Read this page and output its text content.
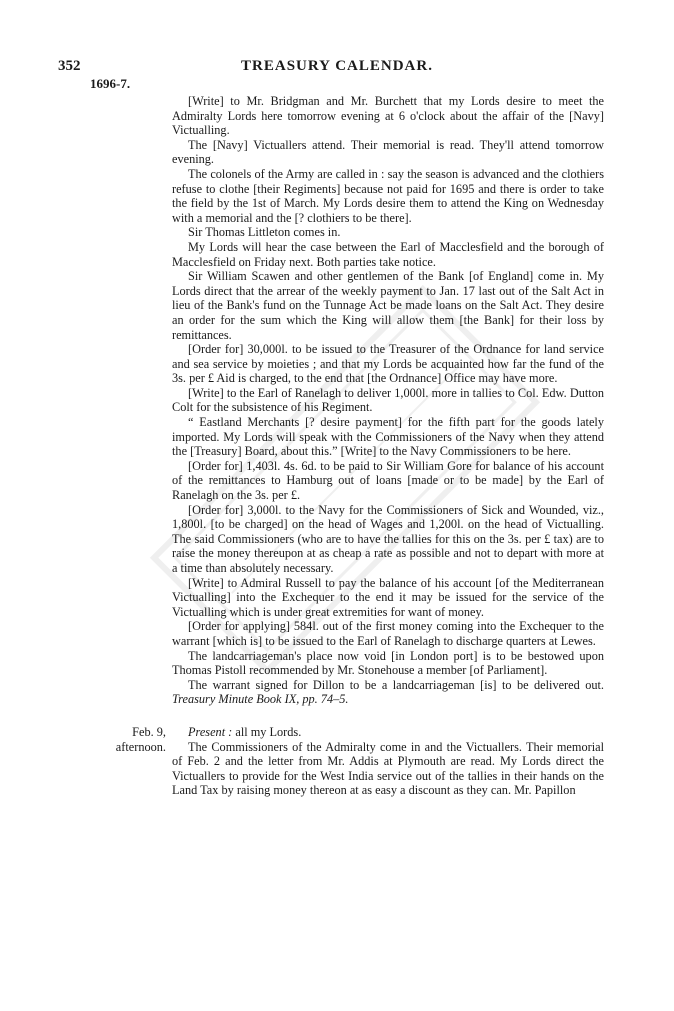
352	TREASURY CALENDAR.
1696-7.

[Write] to Mr. Bridgman and Mr. Burchett that my Lords desire to meet the Admiralty Lords here tomorrow evening at 6 o'clock about the affair of the [Navy] Victualling.

The [Navy] Victuallers attend. Their memorial is read. They'll attend tomorrow evening.

The colonels of the Army are called in : say the season is advanced and the clothiers refuse to clothe [their Regiments] because not paid for 1695 and there is order to take the field by the 1st of March. My Lords desire them to attend the King on Wednesday with a memorial and the [? clothiers to be there].

Sir Thomas Littleton comes in.

My Lords will hear the case between the Earl of Macclesfield and the borough of Macclesfield on Friday next. Both parties take notice.

Sir William Scawen and other gentlemen of the Bank [of England] come in. My Lords direct that the arrear of the weekly payment to Jan. 17 last out of the Salt Act in lieu of the Bank's fund on the Tunnage Act be made loans on the Salt Act. They desire an order for the sum which the King will allow them [the Bank] for their loss by remittances.

[Order for] 30,000l. to be issued to the Treasurer of the Ordnance for land service and sea service by moieties ; and that my Lords be acquainted how far the fund of the 3s. per £ Aid is charged, to the end that [the Ordnance] Office may have more.

[Write] to the Earl of Ranelagh to deliver 1,000l. more in tallies to Col. Edw. Dutton Colt for the subsistence of his Regiment.

“ Eastland Merchants [? desire payment] for the fifth part for the goods lately imported. My Lords will speak with the Commissioners of the Navy when they attend the [Treasury] Board, about this.” [Write] to the Navy Commissioners to be here.

[Order for] 1,403l. 4s. 6d. to be paid to Sir William Gore for balance of his account of the remittances to Hamburg out of loans [made or to be made] by the Earl of Ranelagh on the 3s. per £.

[Order for] 3,000l. to the Navy for the Commissioners of Sick and Wounded, viz., 1,800l. [to be charged] on the head of Wages and 1,200l. on the head of Victualling. The said Commissioners (who are to have the tallies for this on the 3s. per £ tax) are to raise the money thereupon at as cheap a rate as possible and not to depart with more at a time than absolutely necessary.

[Write] to Admiral Russell to pay the balance of his account [of the Mediterranean Victualling] into the Exchequer to the end it may be issued for the service of the Victualling which is under great extremities for want of money.

[Order for applying] 584l. out of the first money coming into the Exchequer to the warrant [which is] to be issued to the Earl of Ranelagh to discharge quarters at Lewes.

The landcarriageman's place now void [in London port] is to be bestowed upon Thomas Pistoll recommended by Mr. Stonehouse a member [of Parliament].

The warrant signed for Dillon to be a landcarriageman [is] to be delivered out. Treasury Minute Book IX, pp. 74–5.

Present : all my Lords.

The Commissioners of the Admiralty come in and the Victuallers. Their memorial of Feb. 2 and the letter from Mr. Addis at Plymouth are read. My Lords direct the Victuallers to provide for the West India service out of the tallies in their hands on the Land Tax by raising money thereon at as easy a discount as they can. Mr. Papillon

Feb. 9,
afternoon.
